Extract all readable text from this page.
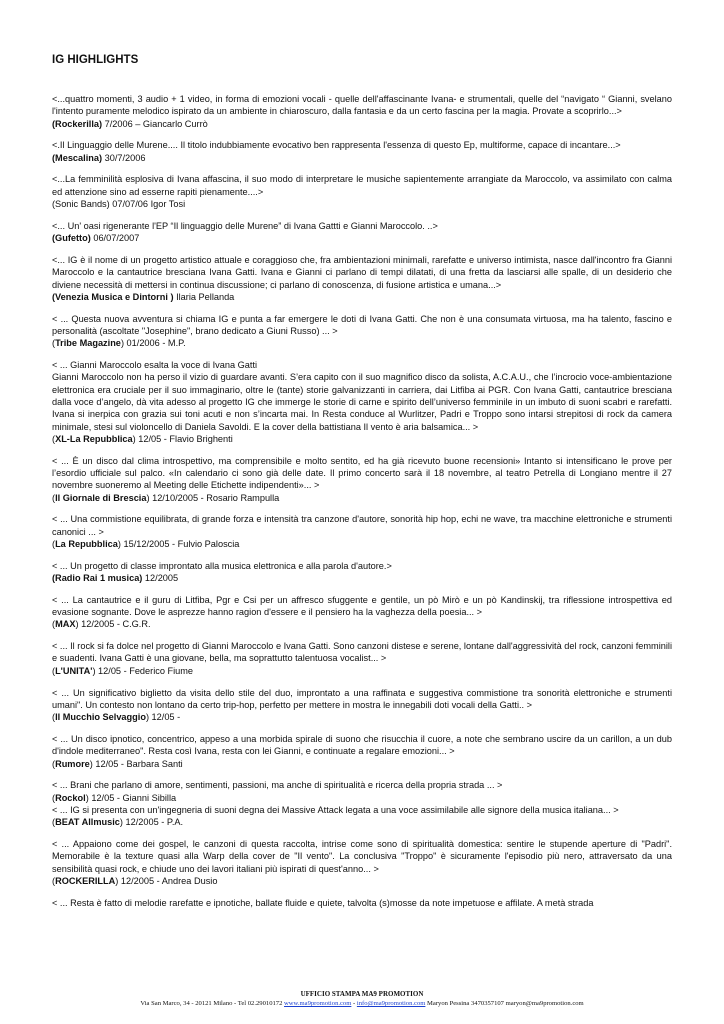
IG HIGHLIGHTS
<...quattro momenti, 3 audio + 1 video, in forma di emozioni vocali - quelle dell'affascinante Ivana- e strumentali, quelle del “navigato “ Gianni, svelano l'intento puramente melodico ispirato da un ambiente in chiaroscuro, dalla fantasia e da un certo fascina per la magia. Provate a scoprirlo...>
(Rockerilla) 7/2006 – Giancarlo Currò
<.Il Linguaggio delle Murene.... Il titolo indubbiamente evocativo ben rappresenta l'essenza di questo Ep, multiforme, capace di incantare...>
(Mescalina) 30/7/2006
<...La femminilità esplosiva di Ivana affascina, il suo modo di interpretare le musiche sapientemente arrangiate da Maroccolo, va assimilato con calma ed attenzione sino ad esserne rapiti pienamente....>
(Sonic Bands) 07/07/06 Igor Tosi
<... Un' oasi rigenerante l'EP “Il linguaggio delle Murene” di Ivana Gattti e Gianni Maroccolo. ..>
(Gufetto) 06/07/2007
<... IG è il nome di un progetto artistico attuale e coraggioso che, fra ambientazioni minimali, rarefatte e universo intimista, nasce dall'incontro fra Gianni Maroccolo e la cantautrice bresciana Ivana Gatti. Ivana e Gianni ci parlano di tempi dilatati, di una fretta da lasciarsi alle spalle, di un desiderio che diviene necessità di mettersi in continua discussione; ci parlano di conoscenza, di fusione artistica e umana...>
(Venezia Musica e Dintorni ) Ilaria Pellanda
< ... Questa nuova avventura si chiama IG e punta a far emergere le doti di Ivana Gatti. Che non è una consumata virtuosa, ma ha talento, fascino e personalità (ascoltate "Josephine", brano dedicato a Giuni Russo) ... >
(Tribe Magazine) 01/2006 - M.P.
< ... Gianni Maroccolo esalta la voce di Ivana Gatti
Gianni Maroccolo non ha perso il vizio di guardare avanti. S’era capito con il suo magnifico disco da solista, A.C.A.U., che l’incrocio voce-ambientazione elettronica era cruciale per il suo immaginario, oltre le (tante) storie galvanizzanti in carriera, dai Litfiba ai PGR. Con Ivana Gatti, cantautrice bresciana dalla voce d’angelo, dà vita adesso al progetto IG che immerge le storie di carne e spirito dell’universo femminile in un imbuto di suoni scabri e rarefatti. Ivana si inerpica con grazia sui toni acuti e non s’incarta mai. In Resta conduce al Wurlitzer, Padri e Troppo sono intarsi strepitosi di rock da camera minimale, stesi sul violoncello di Daniela Savoldi. E la cover della battistiana Il vento è aria balsamica... >
(XL-La Repubblica) 12/05 - Flavio Brighenti
< ... È un disco dal clima introspettivo, ma comprensibile e molto sentito, ed ha già ricevuto buone recensioni» Intanto si intensificano le prove per l’esordio ufficiale sul palco. «In calendario ci sono già delle date. Il primo concerto sarà il 18 novembre, al teatro Petrella di Longiano mentre il 27 novembre suoneremo al Meeting delle Etichette indipendenti»... >
(Il Giornale di Brescia) 12/10/2005 - Rosario Rampulla
< ... Una commistione equilibrata, di grande forza e intensità tra canzone d'autore, sonorità hip hop, echi ne wave, tra macchine elettroniche e strumenti canonici ... >
(La Repubblica) 15/12/2005 - Fulvio Paloscia
< ... Un progetto di classe improntato alla musica elettronica e alla parola d'autore.>
(Radio Rai 1 musica) 12/2005
< ... La cantautrice e il guru di Litfiba, Pgr e Csi per un affresco sfuggente e gentile, un pò Mirò e un pò Kandinskij, tra riflessione introspettiva ed evasione sognante. Dove le asprezze hanno ragion d'essere e il pensiero ha la vaghezza della poesia... >
(MAX) 12/2005 - C.G.R.
< ... Il rock si fa dolce nel progetto di Gianni Maroccolo e Ivana Gatti. Sono canzoni distese e serene, lontane dall'aggressività del rock, canzoni femminili e suadenti. Ivana Gatti è una giovane, bella, ma soprattutto talentuosa vocalist... >
(L'UNITA') 12/05 - Federico Fiume
< ... Un significativo biglietto da visita dello stile del duo, improntato a una raffinata e suggestiva commistione tra sonorità elettroniche e strumenti umani". Un contesto non lontano da certo trip-hop, perfetto per mettere in mostra le innegabili doti vocali della Gatti.. >
(Il Mucchio Selvaggio) 12/05 -
< ... Un disco ipnotico, concentrico, appeso a una morbida spirale di suono che risucchia il cuore, a note che sembrano uscire da un carillon, a un dub d'indole mediterraneo". Resta così Ivana, resta con lei Gianni, e continuate a regalare emozioni... >
(Rumore) 12/05 - Barbara Santi
< ... Brani che parlano di amore, sentimenti, passioni, ma anche di spiritualità e ricerca della propria strada ... >
(Rockol) 12/05 - Gianni Sibilla
< ... IG si presenta con un'ingegneria di suoni degna dei Massive Attack legata a una voce assimilabile alle signore della musica italiana... >
(BEAT Allmusic) 12/2005 - P.A.
< ... Appaiono come dei gospel, le canzoni di questa raccolta, intrise come sono di spiritualità domestica: sentire le stupende aperture di "Padri". Memorabile è la texture quasi alla Warp della cover de "Il vento". La conclusiva "Troppo" è sicuramente l'episodio più nero, attraversato da una sensibilità quasi rock, e chiude uno dei lavori italiani più ispirati di quest'anno... >
(ROCKERILLA) 12/2005 - Andrea Dusio
< ... Resta è fatto di melodie rarefatte e ipnotiche, ballate fluide e quiete, talvolta (s)mosse da note impetuose e affilate. A metà strada
UFFICIO STAMPA MA9 PROMOTION
Via San Marco, 34 - 20121 Milano - Tel 02.29010172 www.ma9promotion.com - info@ma9promotion.com Maryon Pessina 3470357107 maryon@ma9promotion.com
